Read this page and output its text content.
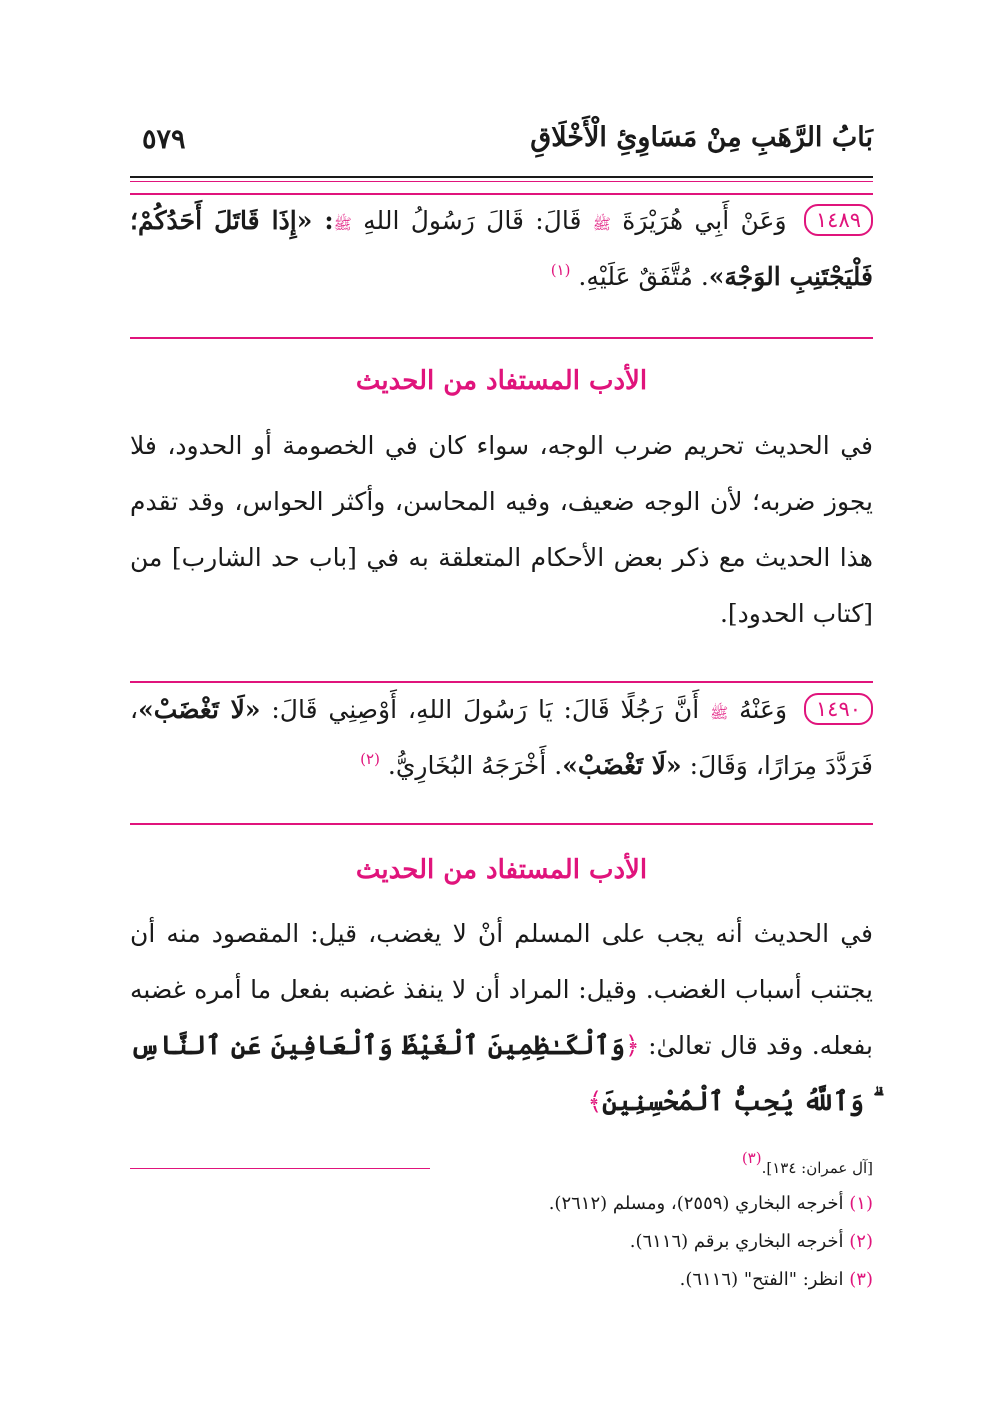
بَابُ الرَّهَبِ مِنْ مَسَاوِئِ الْأَخْلَاقِ
٥٧٩
١٤٨٩ وَعَنْ أَبِي هُرَيْرَةَ ﷺ قَالَ: قَالَ رَسُولُ اللهِ ﷺ: «إِذَا قَاتَلَ أَحَدُكُمْ؛ فَلْيَجْتَنِبِ الوَجْهَ». مُتَّفَقٌ عَلَيْهِ. $^{(١)}$
الأدب المستفاد من الحديث
في الحديث تحريم ضرب الوجه، سواء كان في الخصومة أو الحدود، فلا يجوز ضربه؛ لأن الوجه ضعيف، وفيه المحاسن، وأكثر الحواس، وقد تقدم هذا الحديث مع ذكر بعض الأحكام المتعلقة به في [باب حد الشارب] من [كتاب الحدود].
١٤٩٠ وَعَنْهُ ﷺ أَنَّ رَجُلًا قَالَ: يَا رَسُولَ اللهِ، أَوْصِنِي قَالَ: «لَا تَغْضَبْ»، فَرَدَّدَ مِرَارًا، وَقَالَ: «لَا تَغْضَبْ». أَخْرَجَهُ البُخَارِيُّ. $^{(٢)}$
الأدب المستفاد من الحديث
في الحديث أنه يجب على المسلم أنْ لا يغضب، قيل: المقصود منه أن يجتنب أسباب الغضب. وقيل: المراد أن لا ينفذ غضبه بفعل ما أمره غضبه بفعله. وقد قال تعالىٰ: ﴿وَٱلْكَـٰظِمِينَ ٱلْغَيْظَ وَٱلْعَافِينَ عَنِ ٱلنَّاسِ ۗ وَٱللَّهُ يُحِبُّ ٱلْمُحْسِنِينَ﴾
[آل عمران: ١٣٤].$^{(٣)}$
(١) أخرجه البخاري (٢٥٥٩)، ومسلم (٢٦١٢).
(٢) أخرجه البخاري برقم (٦١١٦).
(٣) انظر: "الفتح" (٦١١٦).
